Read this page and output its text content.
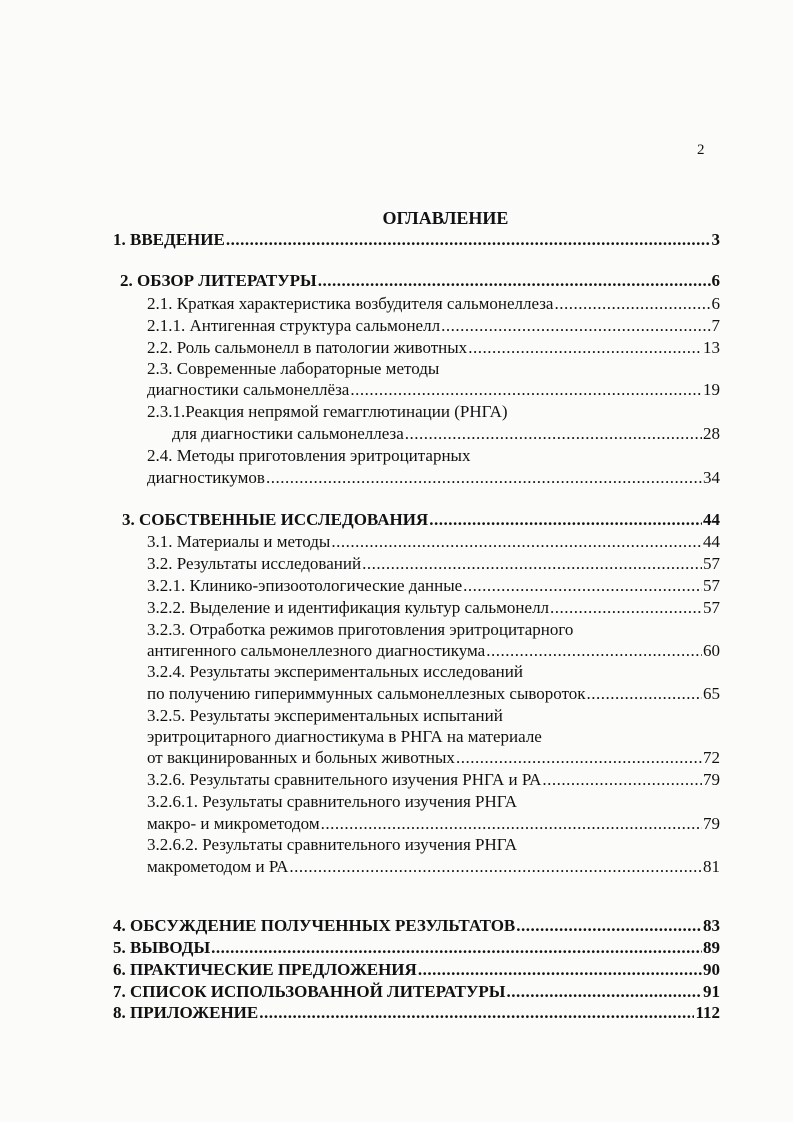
2
ОГЛАВЛЕНИЕ
1. ВВЕДЕНИЕ .....	3
2. ОБЗОР ЛИТЕРАТУРЫ .....	6
2.1. Краткая характеристика возбудителя сальмонеллеза .....	6
2.1.1. Антигенная структура сальмонелл .....	7
2.2. Роль сальмонелл в патологии животных .....	13
2.3. Современные лабораторные методы
диагностики сальмонеллёза .....	19
2.3.1.Реакция непрямой гемагглютинации (РНГА)
для диагностики сальмонеллеза .....	28
2.4. Методы приготовления эритроцитарных
диагностикумов .....	34
3. СОБСТВЕННЫЕ ИССЛЕДОВАНИЯ .....	44
3.1. Материалы и методы .....	44
3.2. Результаты исследований .....	57
3.2.1. Клинико-эпизоотологические данные .....	57
3.2.2. Выделение и идентификация культур сальмонелл .....	57
3.2.3. Отработка режимов приготовления эритроцитарного
антигенного сальмонеллезного диагностикума .....	60
3.2.4. Результаты экспериментальных исследований
по получению гипериммунных сальмонеллезных сывороток .....	65
3.2.5. Результаты экспериментальных испытаний
эритроцитарного диагностикума в РНГА на материале
от вакцинированных и больных животных .....	72
3.2.6. Результаты сравнительного изучения РНГА и РА .....	79
3.2.6.1. Результаты сравнительного изучения РНГА
макро- и микрометодом .....	79
3.2.6.2. Результаты сравнительного изучения РНГА
макрометодом и РА .....	81
4. ОБСУЖДЕНИЕ ПОЛУЧЕННЫХ РЕЗУЛЬТАТОВ .....	83
5. ВЫВОДЫ .....	89
6. ПРАКТИЧЕСКИЕ ПРЕДЛОЖЕНИЯ .....	90
7. СПИСОК ИСПОЛЬЗОВАННОЙ ЛИТЕРАТУРЫ .....	91
8. ПРИЛОЖЕНИЕ .....	112
